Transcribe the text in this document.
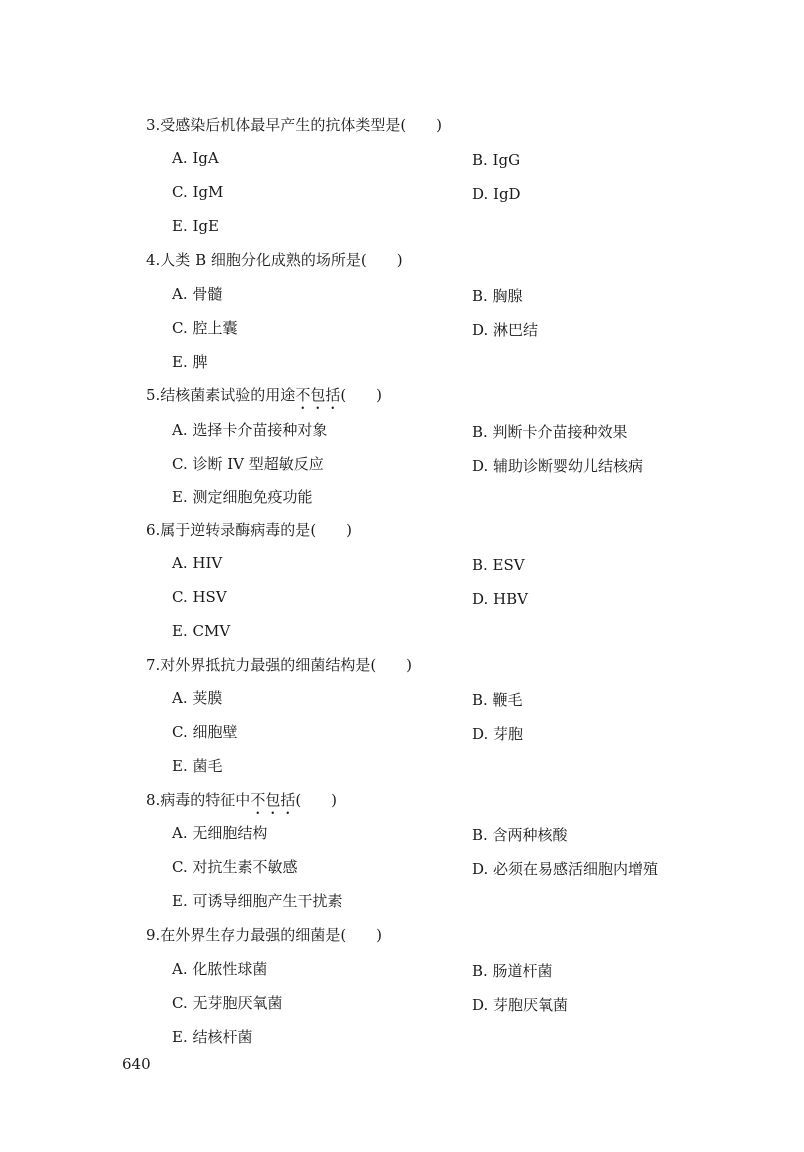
3.受感染后机体最早产生的抗体类型是(　　)
A. IgA	B. IgG
C. IgM	D. IgD
E. IgE
4.人类 B 细胞分化成熟的场所是(　　)
A. 骨髓	B. 胸腺
C. 腔上囊	D. 淋巴结
E. 脾
5.结核菌素试验的用途不包括(　　)
A. 选择卡介苗接种对象	B. 判断卡介苗接种效果
C. 诊断 IV 型超敏反应	D. 辅助诊断婴幼儿结核病
E. 测定细胞免疫功能
6.属于逆转录酶病毒的是(　　)
A. HIV	B. ESV
C. HSV	D. HBV
E. CMV
7.对外界抵抗力最强的细菌结构是(　　)
A. 荚膜	B. 鞭毛
C. 细胞壁	D. 芽胞
E. 菌毛
8.病毒的特征中不包括(　　)
A. 无细胞结构	B. 含两种核酸
C. 对抗生素不敏感	D. 必须在易感活细胞内增殖
E. 可诱导细胞产生干扰素
9.在外界生存力最强的细菌是(　　)
A. 化脓性球菌	B. 肠道杆菌
C. 无芽胞厌氧菌	D. 芽胞厌氧菌
E. 结核杆菌
640
